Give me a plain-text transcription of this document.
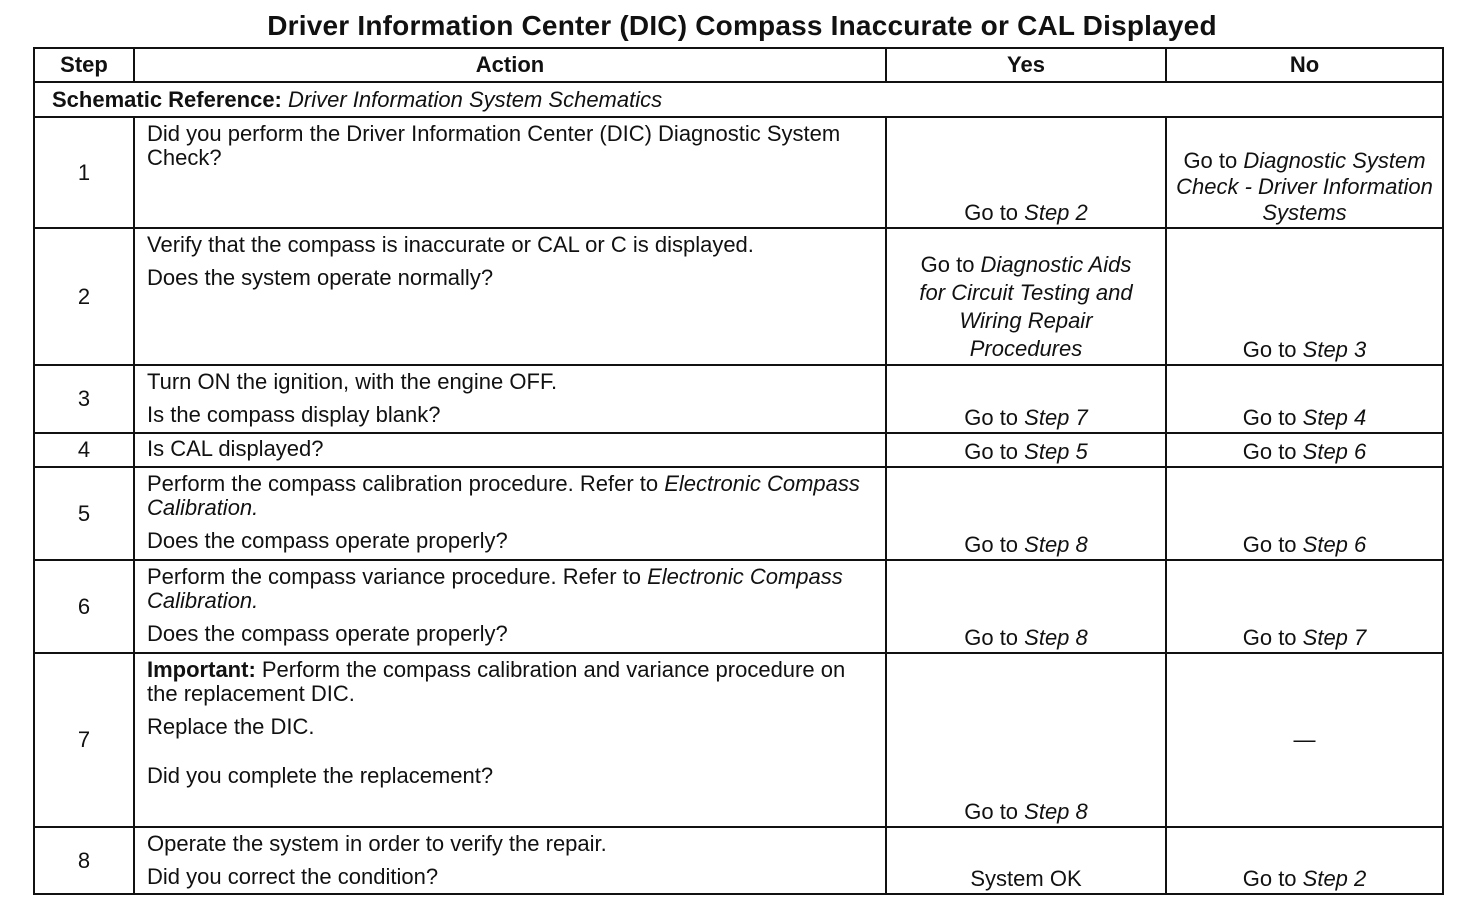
Driver Information Center (DIC) Compass Inaccurate or CAL Displayed
Step	Action	Yes	No
Schematic Reference: Driver Information System Schematics			
1	Did you perform the Driver Information Center (DIC) Diagnostic System Check?	Go to Step 2	Go to Diagnostic System Check - Driver Information Systems
2	Verify that the compass is inaccurate or CAL or C is displayed.

Does the system operate normally?	Go to Diagnostic Aids for Circuit Testing and Wiring Repair Procedures	Go to Step 3
3	Turn ON the ignition, with the engine OFF.

Is the compass display blank?	Go to Step 7	Go to Step 4
4	Is CAL displayed?	Go to Step 5	Go to Step 6
5	Perform the compass calibration procedure. Refer to Electronic Compass Calibration.

Does the compass operate properly?	Go to Step 8	Go to Step 6
6	Perform the compass variance procedure. Refer to Electronic Compass Calibration.

Does the compass operate properly?	Go to Step 8	Go to Step 7
7	Important: Perform the compass calibration and variance procedure on the replacement DIC.

Replace the DIC.

Did you complete the replacement?	Go to Step 8	—
8	Operate the system in order to verify the repair.

Did you correct the condition?	System OK	Go to Step 2
